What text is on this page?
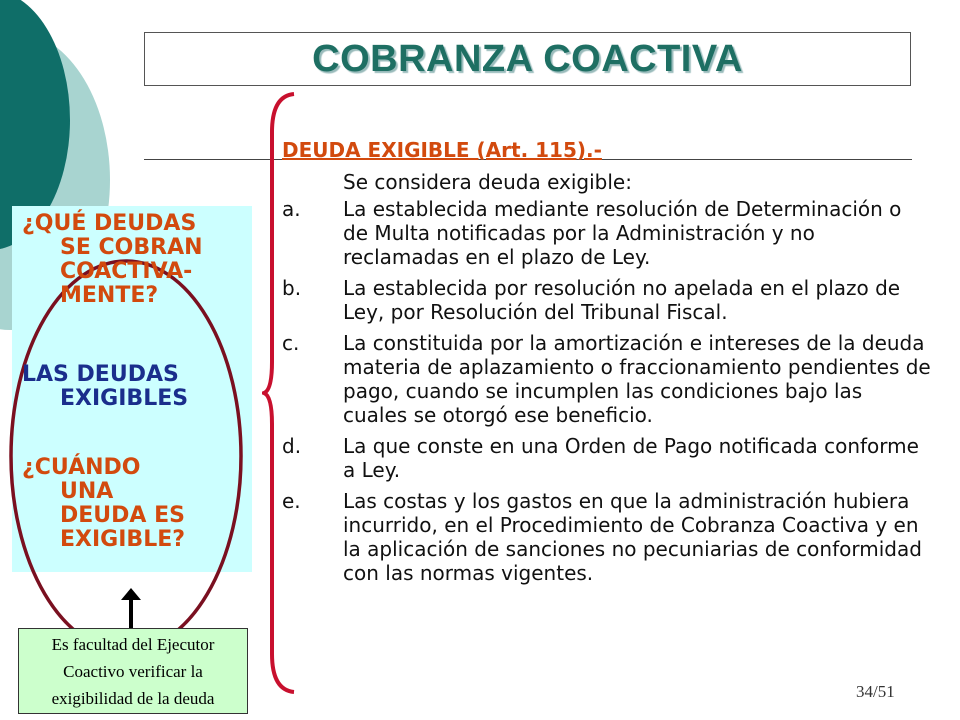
COBRANZA COACTIVA
¿QUÉ DEUDAS
SE COBRAN
COACTIVA-
MENTE?
LAS DEUDAS
EXIGIBLES
¿CUÁNDO
UNA
DEUDA ES
EXIGIBLE?
Es facultad del Ejecutor
Coactivo verificar la
exigibilidad de la deuda
DEUDA EXIGIBLE (Art. 115).-
Se considera deuda exigible:
a.	La establecida mediante resolución de Determinación o de Multa notificadas por la Administración y no reclamadas en el plazo de Ley.
b.	La establecida por resolución no apelada en el plazo de Ley, por Resolución del Tribunal Fiscal.
c.	La constituida por la amortización e intereses de la deuda materia de aplazamiento o fraccionamiento pendientes de pago, cuando se incumplen las condiciones bajo las cuales se otorgó ese beneficio.
d.	La que conste en una Orden de Pago notificada conforme a Ley.
e.	Las costas y los gastos en que la administración hubiera incurrido, en el Procedimiento de Cobranza Coactiva y en la aplicación de sanciones no pecuniarias de conformidad con las normas vigentes.
34/51
